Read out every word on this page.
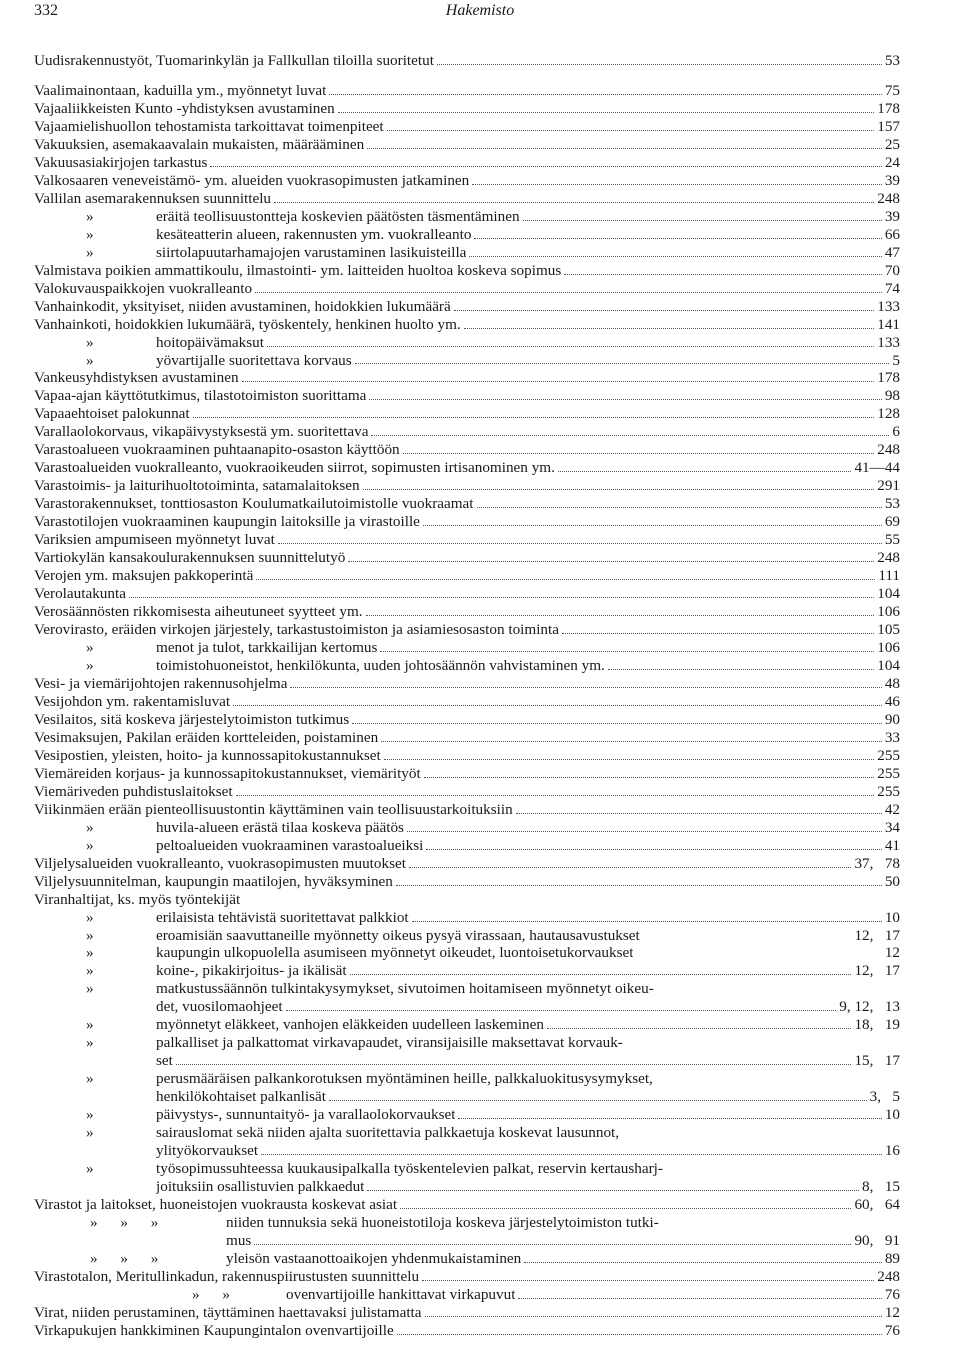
332	Hakemisto
Uudisrakennustyöt, Tuomarinkylän ja Fallkullan tiloilla suoritetut	53
Vaalimainontaan, kaduilla ym., myönnetyt luvat	75
Vajaaliikkeisten Kunto -yhdistyksen avustaminen	178
Vajaamielishuollon tehostamista tarkoittavat toimenpiteet	157
Vakuuksien, asemakaavalain mukaisten, määrääminen	25
Vakuusasiakirjojen tarkastus	24
Valkosaaren veneveistämö- ym. alueiden vuokrasopimusten jatkaminen	39
Vallilan asemarakennuksen suunnittelu	248
»	eräitä teollisuustontteja koskevien päätösten täsmentäminen	39
»	kesäteatterin alueen, rakennusten ym. vuokralleanto	66
»	siirtolapuutarhamajojen varustaminen lasikuisteilla	47
Valmistava poikien ammattikoulu, ilmastointi- ym. laitteiden huoltoa koskeva sopimus	70
Valokuvauspaikkojen vuokralleanto	74
Vanhainkodit, yksityiset, niiden avustaminen, hoidokkien lukumäärä	133
Vanhainkoti, hoidokkien lukumäärä, työskentely, henkinen huolto ym.	141
»	hoitopäivämaksut	133
»	yövartijalle suoritettava korvaus	5
Vankeusyhdistyksen avustaminen	178
Vapaa-ajan käyttötutkimus, tilastotoimiston suorittama	98
Vapaaehtoiset palokunnat	128
Varallaolokorvaus, vikapäivystyksestä ym. suoritettava	6
Varastoalueen vuokraaminen puhtaanapito-osaston käyttöön	248
Varastoalueiden vuokralleanto, vuokraoikeuden siirrot, sopimusten irtisanominen ym.	41—44
Varastoimis- ja laiturihuoltotoiminta, satamalaitoksen	291
Varastorakennukset, tonttiosaston Koulumatkailutoimistolle vuokraamat	53
Varastotilojen vuokraaminen kaupungin laitoksille ja virastoille	69
Variksien ampumiseen myönnetyt luvat	55
Vartiokylän kansakoulurakennuksen suunnittelutyö	248
Verojen ym. maksujen pakkoperintä	111
Verolautakunta	104
Verosäännösten rikkomisesta aiheutuneet syytteet ym.	106
Verovirasto, eräiden virkojen järjestely, tarkastustoimiston ja asiamiesosaston toiminta	105
»	menot ja tulot, tarkkailijan kertomus	106
»	toimistohuoneistot, henkilökunta, uuden johtosäännön vahvistaminen ym.	104
Vesi- ja viemärijohtojen rakennusohjelma	48
Vesijohdon ym. rakentamisluvat	46
Vesilaitos, sitä koskeva järjestelytoimiston tutkimus	90
Vesimaksujen, Pakilan eräiden kortteleiden, poistaminen	33
Vesipostien, yleisten, hoito- ja kunnossapitokustannukset	255
Viemäreiden korjaus- ja kunnossapitokustannukset, viemärityöt	255
Viemäriveden puhdistuslaitokset	255
Viikinmäen erään pienteollisuustontin käyttäminen vain teollisuustarkoituksiin	42
»	huvila-alueen erästä tilaa koskeva päätös	34
»	peltoalueiden vuokraaminen varastoalueiksi	41
Viljelysalueiden vuokralleanto, vuokrasopimusten muutokset	37,   78
Viljelysuunnitelman, kaupungin maatilojen, hyväksyminen	50
Viranhaltijat, ks. myös työntekijät
»	erilaisista tehtävistä suoritettavat palkkiot	10
»	eroamisiän saavuttaneille myönnetty oikeus pysyä virassaan, hautausavustukset	12,   17
»	kaupungin ulkopuolella asumiseen myönnetyt oikeudet, luontoisetukorvaukset	12
»	koine-, pikakirjoitus- ja ikälisät	12,   17
»	matkustussäännön tulkintakysymykset, sivutoimen hoitamiseen myönnetyt oikeu-
det, vuosilomaohjeet	9, 12,   13
»	myönnetyt eläkkeet, vanhojen eläkkeiden uudelleen laskeminen	18,   19
»	palkalliset ja palkattomat virkavapaudet, viransijaisille maksettavat korvauk-
set	15,   17
»	perusmääräisen palkankorotuksen myöntäminen heille, palkkaluokitusysymykset,
henkilökohtaiset palkanlisät	3,   5
»	päivystys-, sunnuntaityö- ja varallaolokorvaukset	10
»	sairauslomat sekä niiden ajalta suoritettavia palkkaetuja koskevat lausunnot,
ylityökorvaukset	16
»	työsopimussuhteessa kuukausipalkalla työskentelevien palkat, reservin kertausharj-
joituksiin osallistuvien palkkaedut	8,   15
Virastot ja laitokset, huoneistojen vuokrausta koskevat asiat	60,   64
»      »      »	niiden tunnuksia sekä huoneistotiloja koskeva järjestelytoimiston tutki-
mus	90,   91
»      »      »	yleisön vastaanottoaikojen yhdenmukaistaminen	89
Virastotalon, Meritullinkadun, rakennuspiirustusten suunnittelu	248
»      »	ovenvartijoille hankittavat virkapuvut	76
Virat, niiden perustaminen, täyttäminen haettavaksi julistamatta	12
Virkapukujen hankkiminen Kaupungintalon ovenvartijoille	76
